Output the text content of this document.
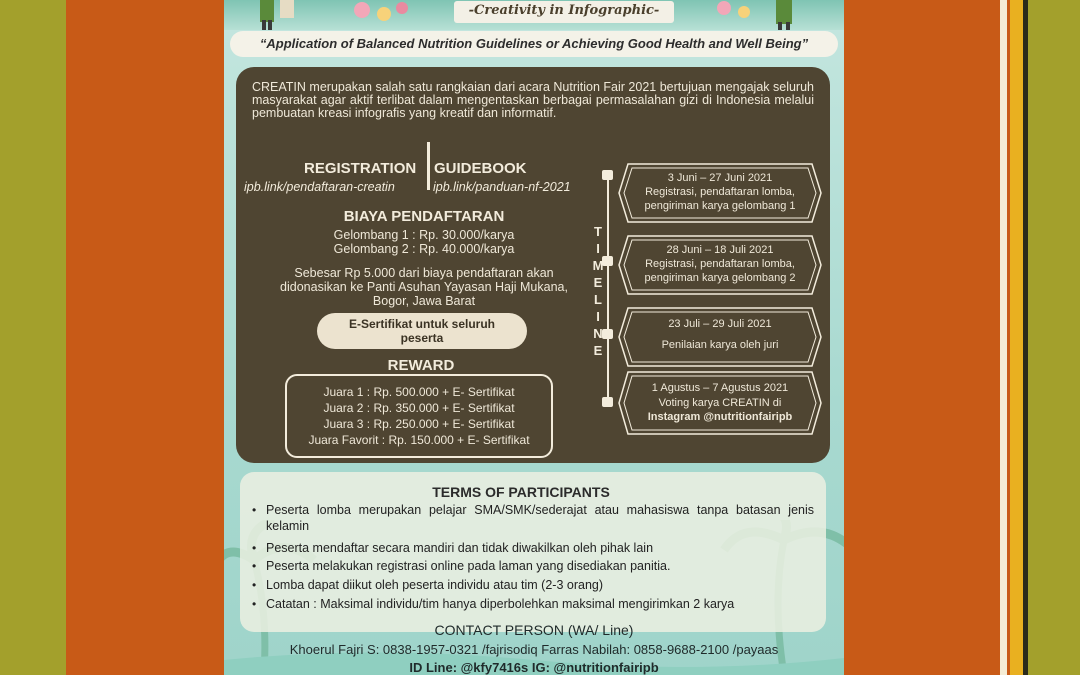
-Creativity in Infographic-
“Application of Balanced Nutrition Guidelines or Achieving Good Health and Well Being”
CREATIN merupakan salah satu rangkaian dari acara Nutrition Fair 2021 bertujuan mengajak seluruh masyarakat agar aktif terlibat dalam mengentaskan berbagai permasalahan gizi di Indonesia melalui pembuatan kreasi infografis yang kreatif dan informatif.
REGISTRATION
ipb.link/pendaftaran-creatin
GUIDEBOOK
ipb.link/panduan-nf-2021
BIAYA PENDAFTARAN
Gelombang 1 : Rp. 30.000/karya
Gelombang 2 : Rp. 40.000/karya
Sebesar Rp 5.000 dari biaya pendaftaran akan
didonasikan ke Panti Asuhan Yayasan Haji Mukana,
Bogor, Jawa Barat
E-Sertifikat untuk seluruh
peserta
REWARD
Juara 1 : Rp. 500.000 + E- Sertifikat
Juara 2 : Rp. 350.000 + E- Sertifikat
Juara 3 : Rp. 250.000 + E- Sertifikat
Juara Favorit : Rp. 150.000 + E- Sertifikat
T
I
M
E
L
I
N
E
3 Juni – 27 Juni 2021
Registrasi, pendaftaran lomba,
pengiriman karya gelombang 1
28 Juni – 18 Juli 2021
Registrasi, pendaftaran lomba,
pengiriman karya gelombang 2
23 Juli – 29 Juli 2021
Penilaian karya oleh juri
1 Agustus – 7 Agustus 2021
Voting karya CREATIN di
Instagram @nutritionfairipb
TERMS OF PARTICIPANTS
• Peserta lomba merupakan pelajar SMA/SMK/sederajat atau mahasiswa tanpa batasan jenis kelamin
• Peserta mendaftar secara mandiri dan tidak diwakilkan oleh pihak lain
• Peserta melakukan registrasi online pada laman yang disediakan panitia.
• Lomba dapat diikut oleh peserta individu atau tim (2-3 orang)
• Catatan : Maksimal individu/tim hanya diperbolehkan maksimal mengirimkan 2 karya
CONTACT PERSON (WA/ Line)
Khoerul Fajri S: 0838-1957-0321 /fajrisodiq Farras Nabilah: 0858-9688-2100 /payaas
ID Line: @kfy7416s IG: @nutritionfairipb
